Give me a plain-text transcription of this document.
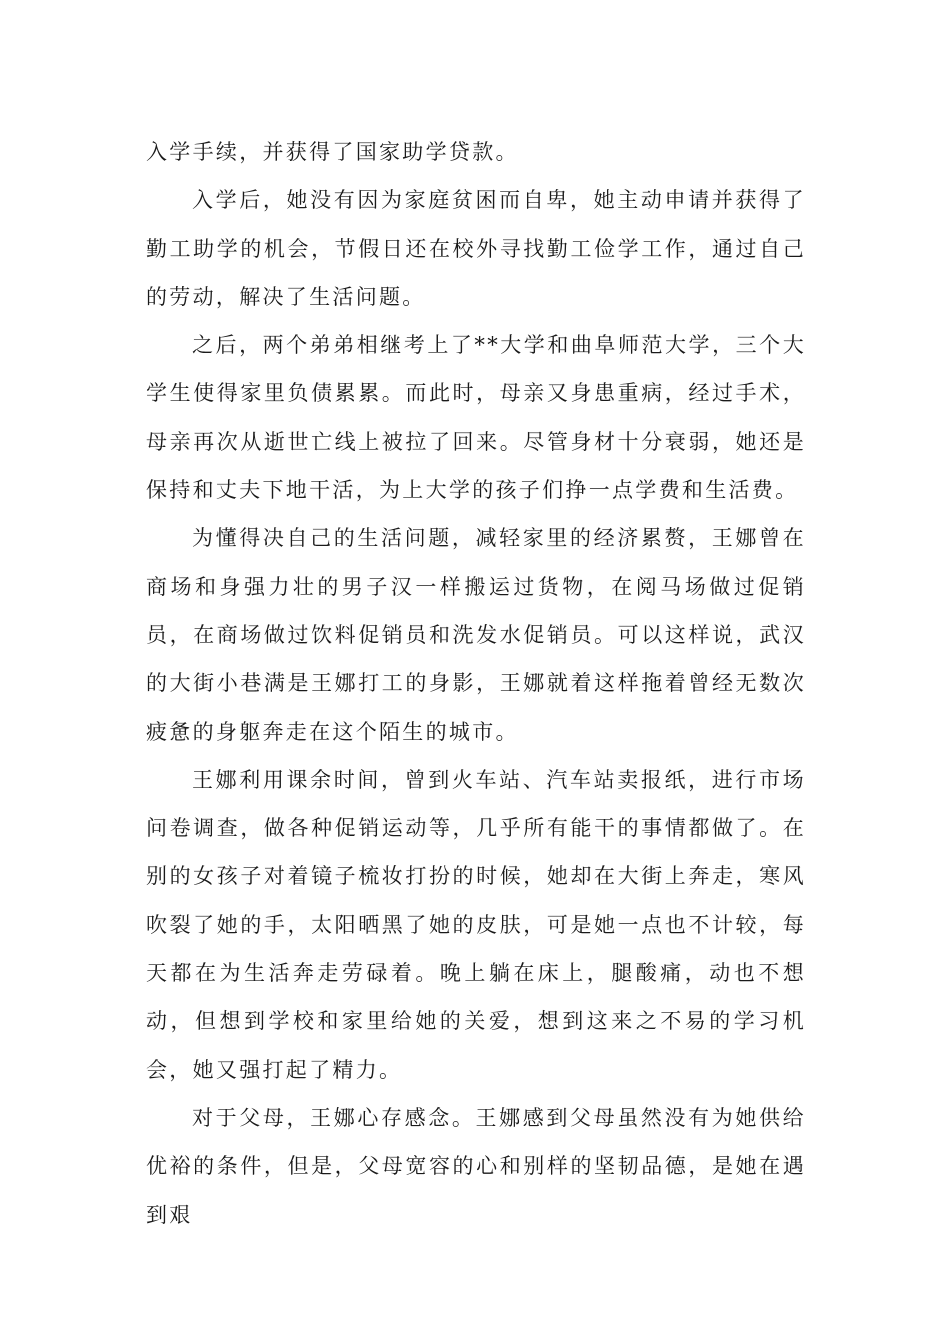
入学手续，并获得了国家助学贷款。

入学后，她没有因为家庭贫困而自卑，她主动申请并获得了勤工助学的机会，节假日还在校外寻找勤工俭学工作，通过自己的劳动，解决了生活问题。

之后，两个弟弟相继考上了**大学和曲阜师范大学，三个大学生使得家里负债累累。而此时，母亲又身患重病，经过手术，母亲再次从逝世亡线上被拉了回来。尽管身材十分衰弱，她还是保持和丈夫下地干活，为上大学的孩子们挣一点学费和生活费。

为懂得决自己的生活问题，减轻家里的经济累赘，王娜曾在商场和身强力壮的男子汉一样搬运过货物，在阅马场做过促销员，在商场做过饮料促销员和洗发水促销员。可以这样说，武汉的大街小巷满是王娜打工的身影，王娜就着这样拖着曾经无数次疲惫的身躯奔走在这个陌生的城市。

王娜利用课余时间，曾到火车站、汽车站卖报纸，进行市场问卷调查，做各种促销运动等，几乎所有能干的事情都做了。在别的女孩子对着镜子梳妆打扮的时候，她却在大街上奔走，寒风吹裂了她的手，太阳晒黑了她的皮肤，可是她一点也不计较，每天都在为生活奔走劳碌着。晚上躺在床上，腿酸痛，动也不想动，但想到学校和家里给她的关爱，想到这来之不易的学习机会，她又强打起了精力。

对于父母，王娜心存感念。王娜感到父母虽然没有为她供给优裕的条件，但是，父母宽容的心和别样的坚韧品德，是她在遇到艰
